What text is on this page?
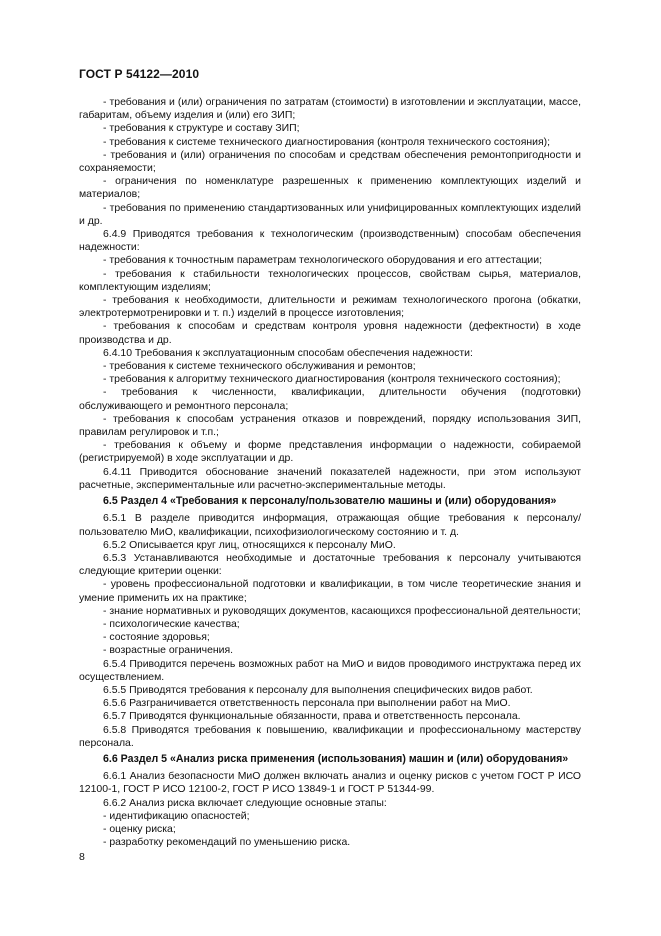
ГОСТ Р 54122—2010

- требования и (или) ограничения по затратам (стоимости) в изготовлении и эксплуатации, массе, габаритам, объему изделия и (или) его ЗИП;

- требования к структуре и составу ЗИП;

- требования к системе технического диагностирования (контроля технического состояния);

- требования и (или) ограничения по способам и средствам обеспечения ремонтопригодности и сохраняемости;

- ограничения по номенклатуре разрешенных к применению комплектующих изделий и материалов;

- требования по применению стандартизованных или унифицированных комплектующих изделий и др.

6.4.9 Приводятся требования к технологическим (производственным) способам обеспечения надежности:

- требования к точностным параметрам технологического оборудования и его аттестации;

- требования к стабильности технологических процессов, свойствам сырья, материалов, комплектующим изделиям;

- требования к необходимости, длительности и режимам технологического прогона (обкатки, электротермотренировки и т. п.) изделий в процессе изготовления;

- требования к способам и средствам контроля уровня надежности (дефектности) в ходе производства и др.

6.4.10 Требования к эксплуатационным способам обеспечения надежности:

- требования к системе технического обслуживания и ремонтов;

- требования к алгоритму технического диагностирования (контроля технического состояния);

- требования к численности, квалификации, длительности обучения (подготовки) обслуживающего и ремонтного персонала;

- требования к способам устранения отказов и повреждений, порядку использования ЗИП, правилам регулировок и т.п.;

- требования к объему и форме представления информации о надежности, собираемой (регистрируемой) в ходе эксплуатации и др.

6.4.11 Приводится обоснование значений показателей надежности, при этом используют расчетные, экспериментальные или расчетно-экспериментальные методы.

6.5 Раздел 4 «Требования к персоналу/пользователю машины и (или) оборудования»

6.5.1 В разделе приводится информация, отражающая общие требования к персоналу/пользователю МиО, квалификации, психофизиологическому состоянию и т. д.

6.5.2 Описывается круг лиц, относящихся к персоналу МиО.

6.5.3 Устанавливаются необходимые и достаточные требования к персоналу учитываются следующие критерии оценки:

- уровень профессиональной подготовки и квалификации, в том числе теоретические знания и умение применить их на практике;

- знание нормативных и руководящих документов, касающихся профессиональной деятельности;

- психологические качества;

- состояние здоровья;

- возрастные ограничения.

6.5.4 Приводится перечень возможных работ на МиО и видов проводимого инструктажа перед их осуществлением.

6.5.5 Приводятся требования к персоналу для выполнения специфических видов работ.

6.5.6 Разграничивается ответственность персонала при выполнении работ на МиО.

6.5.7 Приводятся функциональные обязанности, права и ответственность персонала.

6.5.8 Приводятся требования к повышению, квалификации и профессиональному мастерству персонала.

6.6 Раздел 5 «Анализ риска применения (использования) машин и (или) оборудования»

6.6.1 Анализ безопасности МиО должен включать анализ и оценку рисков с учетом ГОСТ Р ИСО 12100-1, ГОСТ Р ИСО 12100-2, ГОСТ Р ИСО 13849-1 и ГОСТ Р 51344-99.

6.6.2 Анализ риска включает следующие основные этапы:

- идентификацию опасностей;

- оценку риска;

- разработку рекомендаций по уменьшению риска.

8
